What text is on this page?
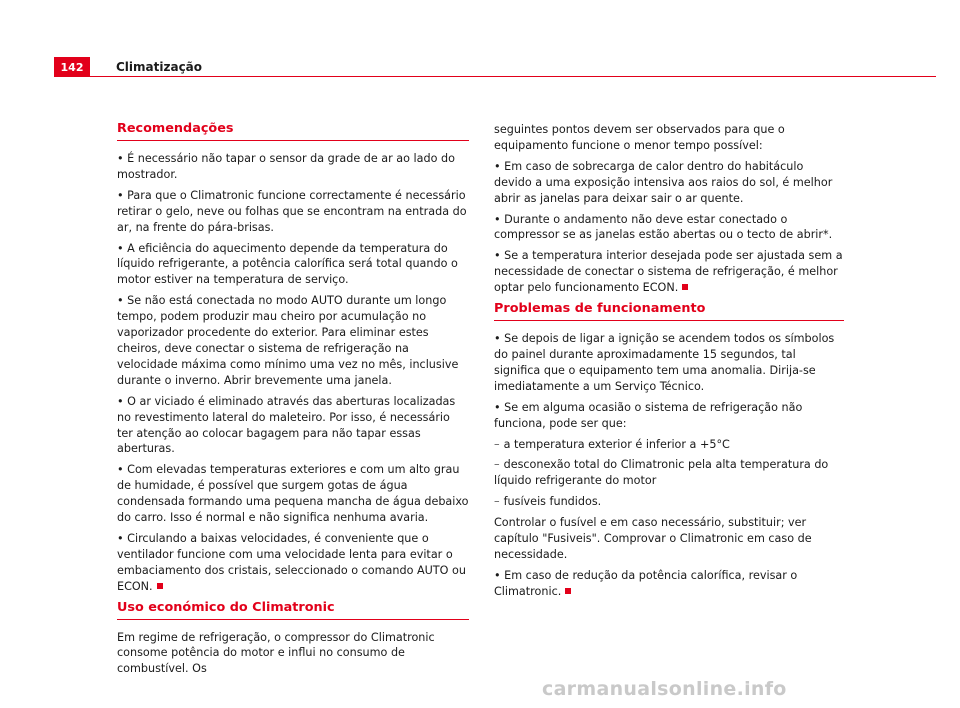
142	Climatização
Recomendações

• É necessário não tapar o sensor da grade de ar ao lado do mostrador.

• Para que o Climatronic funcione correctamente é necessário retirar o gelo, neve ou folhas que se encontram na entrada do ar, na frente do pára-brisas.

• A eficiência do aquecimento depende da temperatura do líquido refrigerante, a potência calorífica será total quando o motor estiver na temperatura de serviço.

• Se não está conectada no modo AUTO durante um longo tempo, podem produzir mau cheiro por acumulação no vaporizador procedente do exterior. Para eliminar estes cheiros, deve conectar o sistema de refrigeração na velocidade máxima como mínimo uma vez no mês, inclusive durante o inverno. Abrir brevemente uma janela.

• O ar viciado é eliminado através das aberturas localizadas no revestimento lateral do maleteiro. Por isso, é necessário ter atenção ao colocar bagagem para não tapar essas aberturas.

• Com elevadas temperaturas exteriores e com um alto grau de humidade, é possível que surgem gotas de água condensada formando uma pequena mancha de água debaixo do carro. Isso é normal e não significa nenhuma avaria.

• Circulando a baixas velocidades, é conveniente que o ventilador funcione com uma velocidade lenta para evitar o embaciamento dos cristais, seleccionado o comando AUTO ou ECON.

Uso económico do Climatronic

Em regime de refrigeração, o compressor do Climatronic consome potência do motor e influi no consumo de combustível. Os

seguintes pontos devem ser observados para que o equipamento funcione o menor tempo possível:

• Em caso de sobrecarga de calor dentro do habitáculo devido a uma exposição intensiva aos raios do sol, é melhor abrir as janelas para deixar sair o ar quente.

• Durante o andamento não deve estar conectado o compressor se as janelas estão abertas ou o tecto de abrir*.

• Se a temperatura interior desejada pode ser ajustada sem a necessidade de conectar o sistema de refrigeração, é melhor optar pelo funcionamento ECON.

Problemas de funcionamento

• Se depois de ligar a ignição se acendem todos os símbolos do painel durante aproximadamente 15 segundos, tal significa que o equipamento tem uma anomalia. Dirija-se imediatamente a um Serviço Técnico.

• Se em alguma ocasião o sistema de refrigeração não funciona, pode ser que:

– a temperatura exterior é inferior a +5°C

– desconexão total do Climatronic pela alta temperatura do líquido refrigerante do motor

– fusíveis fundidos.

Controlar o fusível e em caso necessário, substituir; ver capítulo "Fusiveis". Comprovar o Climatronic em caso de necessidade.

• Em caso de redução da potência calorífica, revisar o Climatronic.

carmanualsonline.info
